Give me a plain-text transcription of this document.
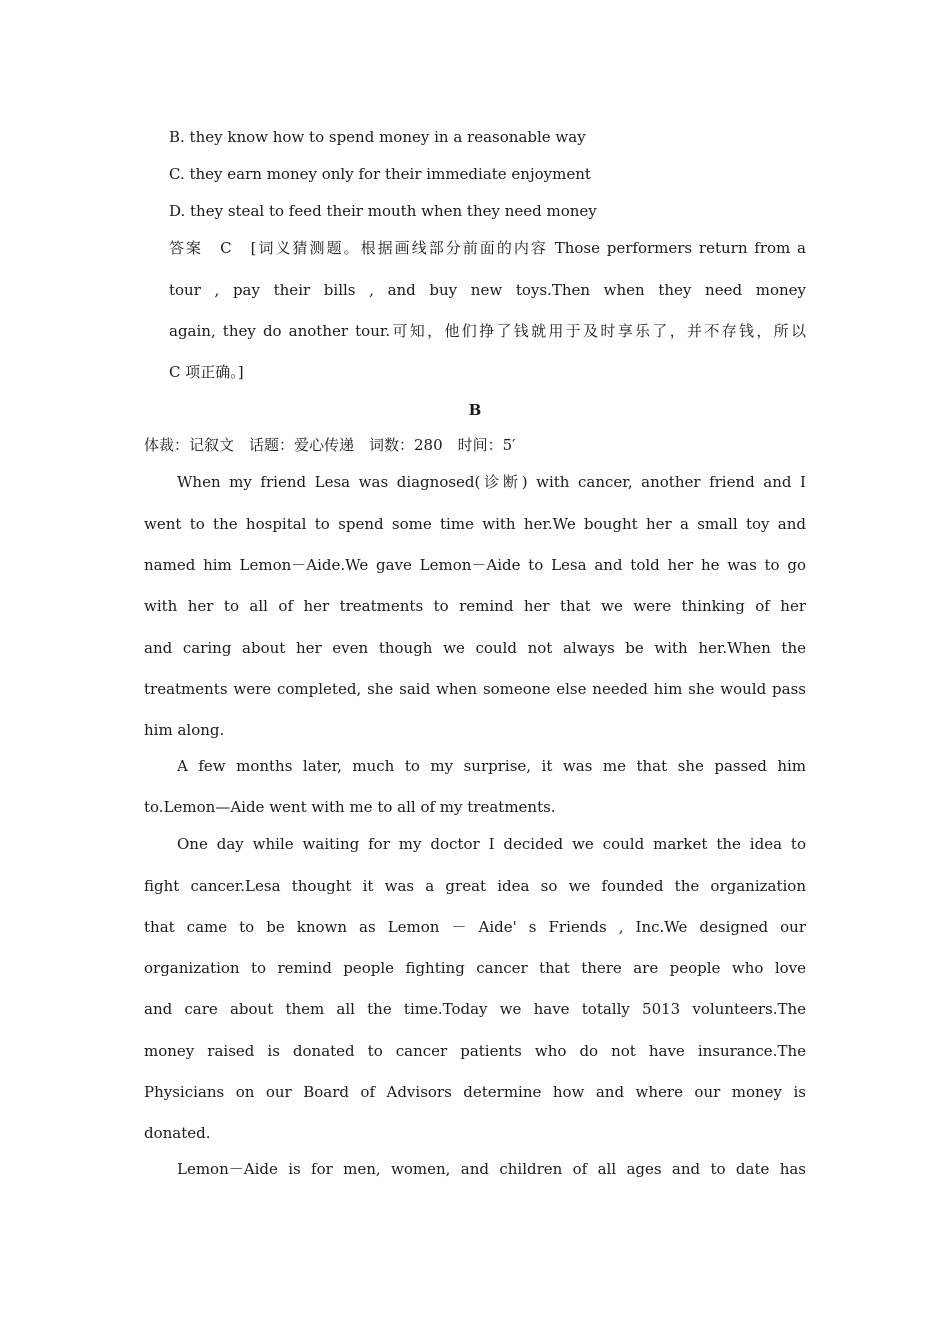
B. they know how to spend money in a reasonable way
C. they earn money only for their immediate enjoyment
D. they steal to feed their mouth when they need money
答案　C　[词义猜测题。根据画线部分前面的内容 Those performers return from a
tour , pay their bills , and buy new toys.Then when they need money
again, they do another tour.可知，他们挣了钱就用于及时享乐了，并不存钱，所以
C 项正确。]
B
体裁：记叙文　话题：爱心传递　词数：280　时间：5′
When my friend Lesa was diagnosed(诊断) with cancer, another friend and I
went to the hospital to spend some time with her.We bought her a small toy and
named him Lemon－Aide.We gave Lemon－Aide to Lesa and told her he was to go
with her to all of her treatments to remind her that we were thinking of her
and caring about her even though we could not always be with her.When the
treatments were completed, she said when someone else needed him she would pass
him along.
A few months later, much to my surprise, it was me that she passed him
to.Lemon—Aide went with me to all of my treatments.
One day while waiting for my doctor I decided we could market the idea to
fight cancer.Lesa thought it was a great idea so we founded the organization
that came to be known as Lemon － Aide' s Friends , Inc.We designed our
organization to remind people fighting cancer that there are people who love
and care about them all the time.Today we have totally 5013 volunteers.The
money raised is donated to cancer patients who do not have insurance.The
Physicians on our Board of Advisors determine how and where our money is
donated.
Lemon－Aide is for men, women, and children of all ages and to date has
